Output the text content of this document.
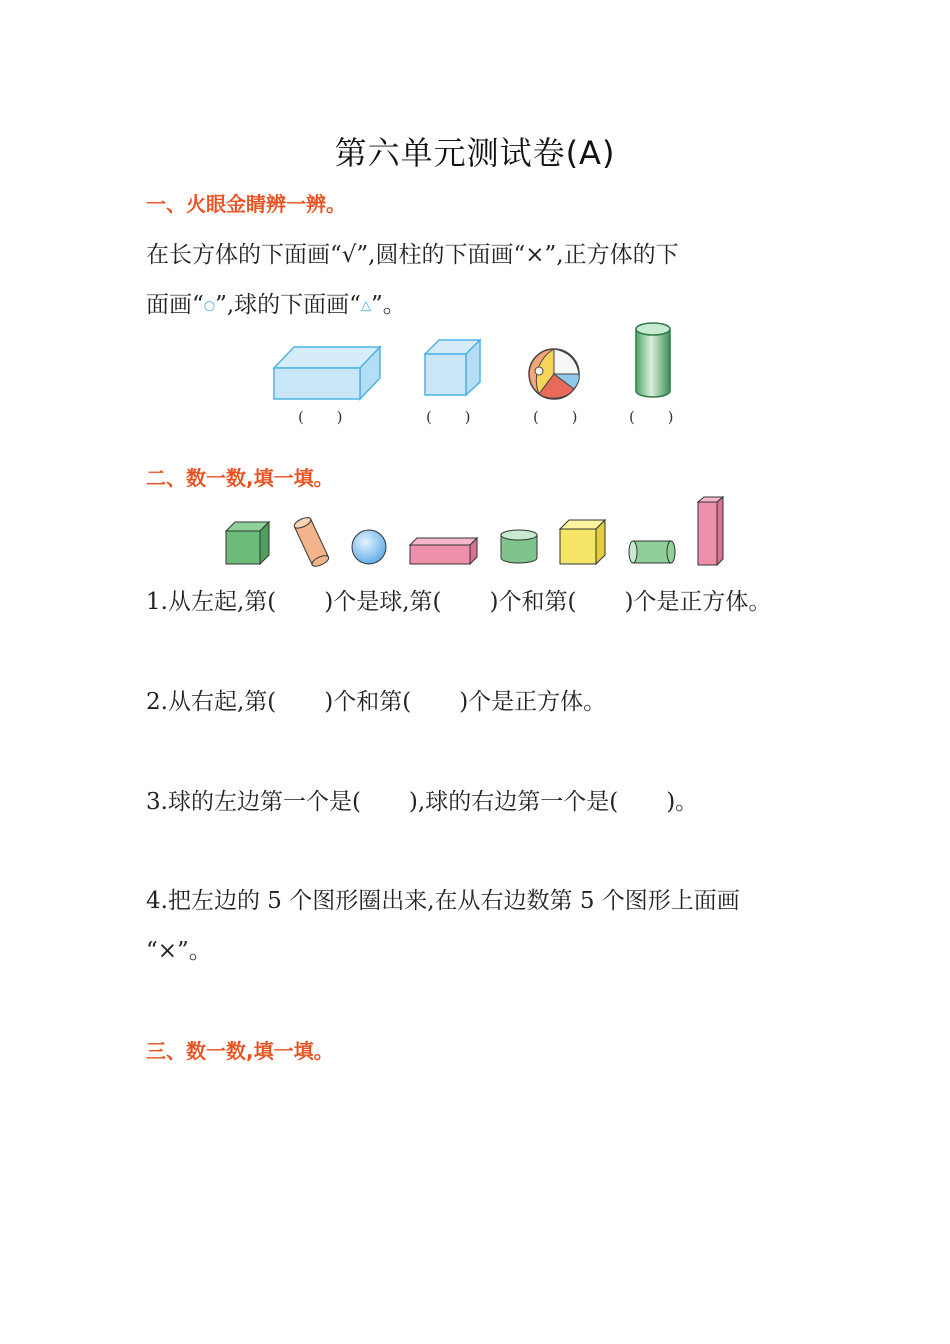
第六单元测试卷(A)
一、火眼金睛辨一辨。
在长方体的下面画“√”,圆柱的下面画“×”,正方体的下
面画“○”,球的下面画“△”。
( )	( )	( )	( )
二、数一数,填一填。
1.从左起,第( )个是球,第( )个和第( )个是正方体。
2.从右起,第( )个和第( )个是正方体。
3.球的左边第一个是( ),球的右边第一个是( )。
4.把左边的 5 个图形圈出来,在从右边数第 5 个图形上面画
“×”。
三、数一数,填一填。
